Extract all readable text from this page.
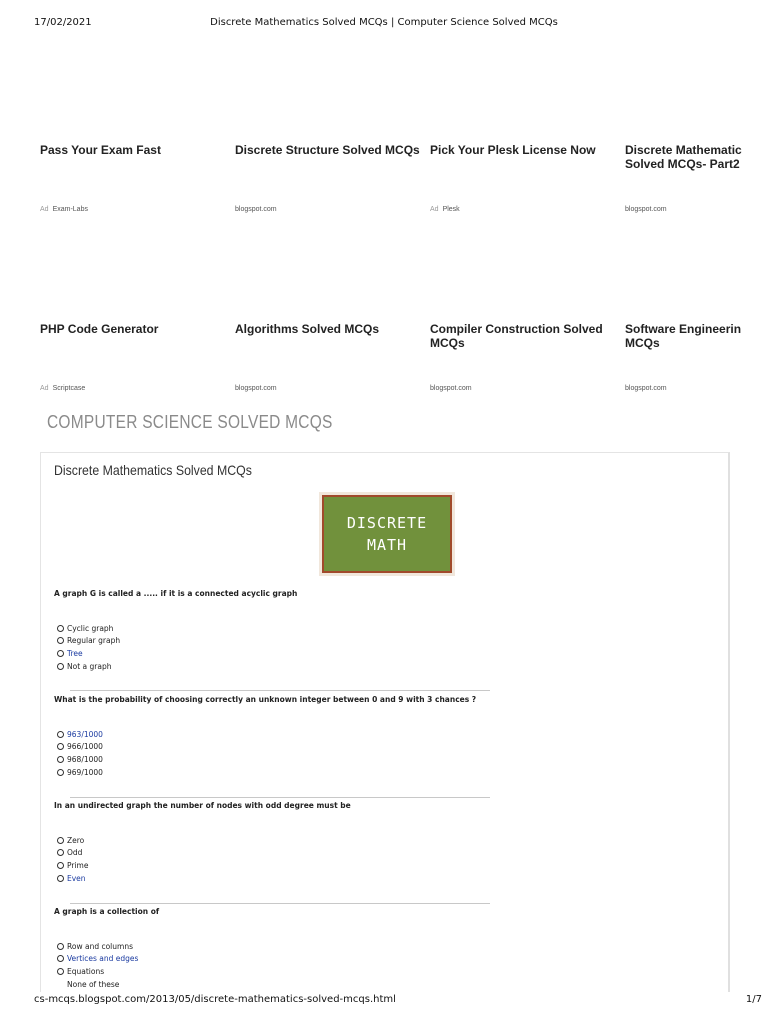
17/02/2021	Discrete Mathematics Solved MCQs | Computer Science Solved MCQs
cs-mcqs.blogspot.com/2013/05/discrete-mathematics-solved-mcqs.html	1/7
Pass Your Exam Fast
Ad Exam-Labs
Discrete Structure Solved MCQs
blogspot.com
Pick Your Plesk License Now
Ad Plesk
Discrete Mathematic
Solved MCQs- Part2
blogspot.com
PHP Code Generator
Ad Scriptcase
Algorithms Solved MCQs
blogspot.com
Compiler Construction Solved
MCQs
blogspot.com
Software Engineerin
MCQs
blogspot.com
COMPUTER SCIENCE SOLVED MCQS
Discrete Mathematics Solved MCQs
DISCRETE
MATH
A graph G is called a ..... if it is a connected acyclic graph
Cyclic graph
Regular graph
Tree
Not a graph
What is the probability of choosing correctly an unknown integer between 0 and 9 with 3 chances ?
963/1000
966/1000
968/1000
969/1000
In an undirected graph the number of nodes with odd degree must be
Zero
Odd
Prime
Even
A graph is a collection of
Row and columns
Vertices and edges
Equations
None of these
